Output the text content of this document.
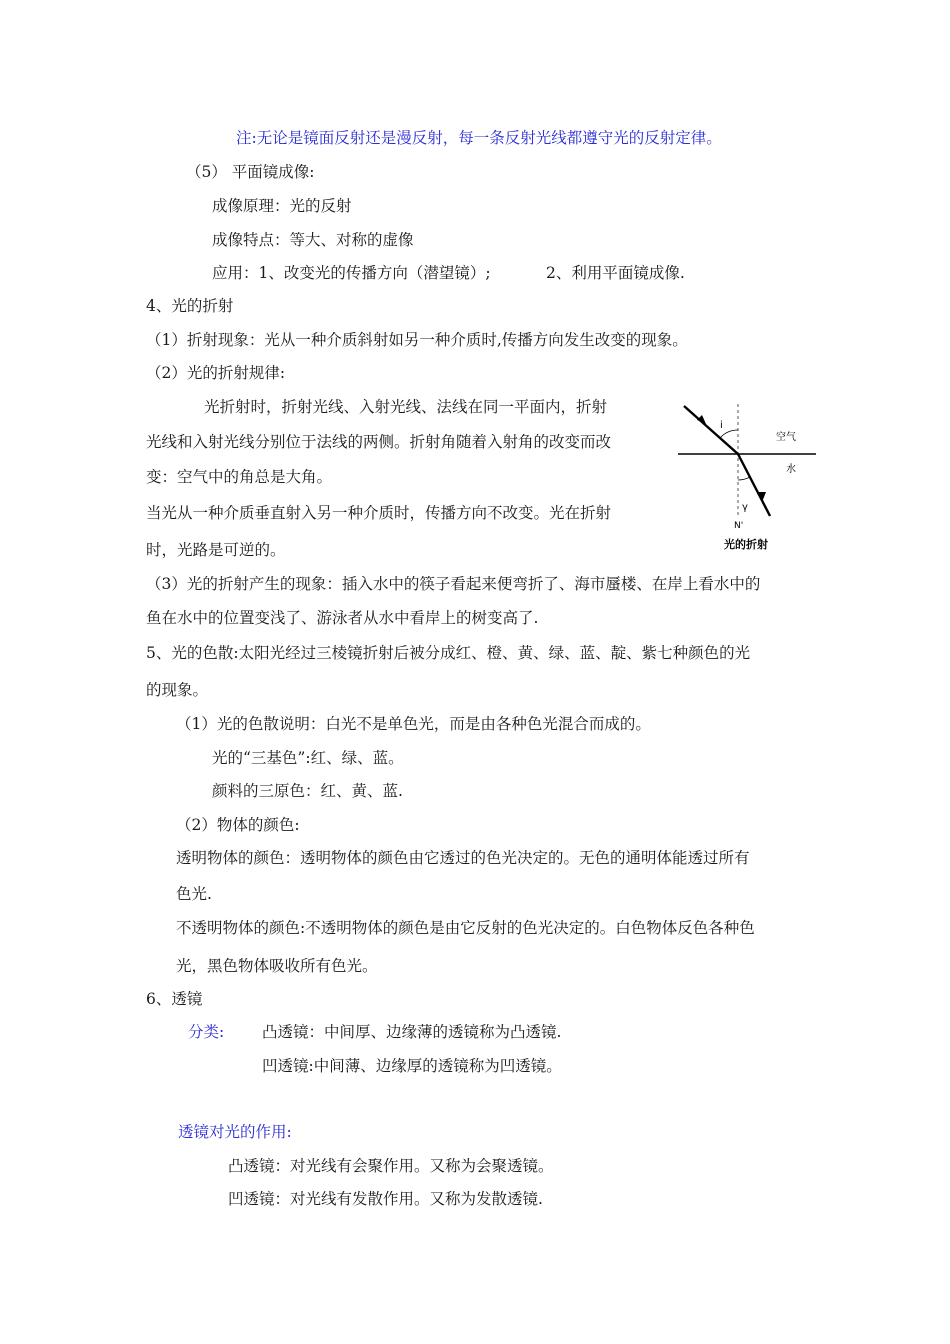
注:无论是镜面反射还是漫反射，每一条反射光线都遵守光的反射定律。
（5） 平面镜成像:
成像原理：光的反射
成像特点：等大、对称的虚像
应用：1、改变光的传播方向（潜望镜）;	2、利用平面镜成像.
4、光的折射
（1）折射现象：光从一种介质斜射如另一种介质时,传播方向发生改变的现象。
（2）光的折射规律:
光折射时，折射光线、入射光线、法线在同一平面内，折射
光线和入射光线分别位于法线的两侧。折射角随着入射角的改变而改
变：空气中的角总是大角。
当光从一种介质垂直射入另一种介质时，传播方向不改变。光在折射
时，光路是可逆的。
i
空气
水
γ
N'
光的折射
（3）光的折射产生的现象：插入水中的筷子看起来便弯折了、海市蜃楼、在岸上看水中的
鱼在水中的位置变浅了、游泳者从水中看岸上的树变高了.
5、光的色散:太阳光经过三棱镜折射后被分成红、橙、黄、绿、蓝、靛、紫七种颜色的光
的现象。
（1）光的色散说明：白光不是单色光，而是由各种色光混合而成的。
光的“三基色”:红、绿、蓝。
颜料的三原色：红、黄、蓝.
（2）物体的颜色:
透明物体的颜色：透明物体的颜色由它透过的色光决定的。无色的通明体能透过所有
色光.
不透明物体的颜色:不透明物体的颜色是由它反射的色光决定的。白色物体反色各种色
光，黑色物体吸收所有色光。
6、透镜
分类: 凸透镜：中间厚、边缘薄的透镜称为凸透镜.
凹透镜:中间薄、边缘厚的透镜称为凹透镜。
透镜对光的作用:
凸透镜：对光线有会聚作用。又称为会聚透镜。
凹透镜：对光线有发散作用。又称为发散透镜.
